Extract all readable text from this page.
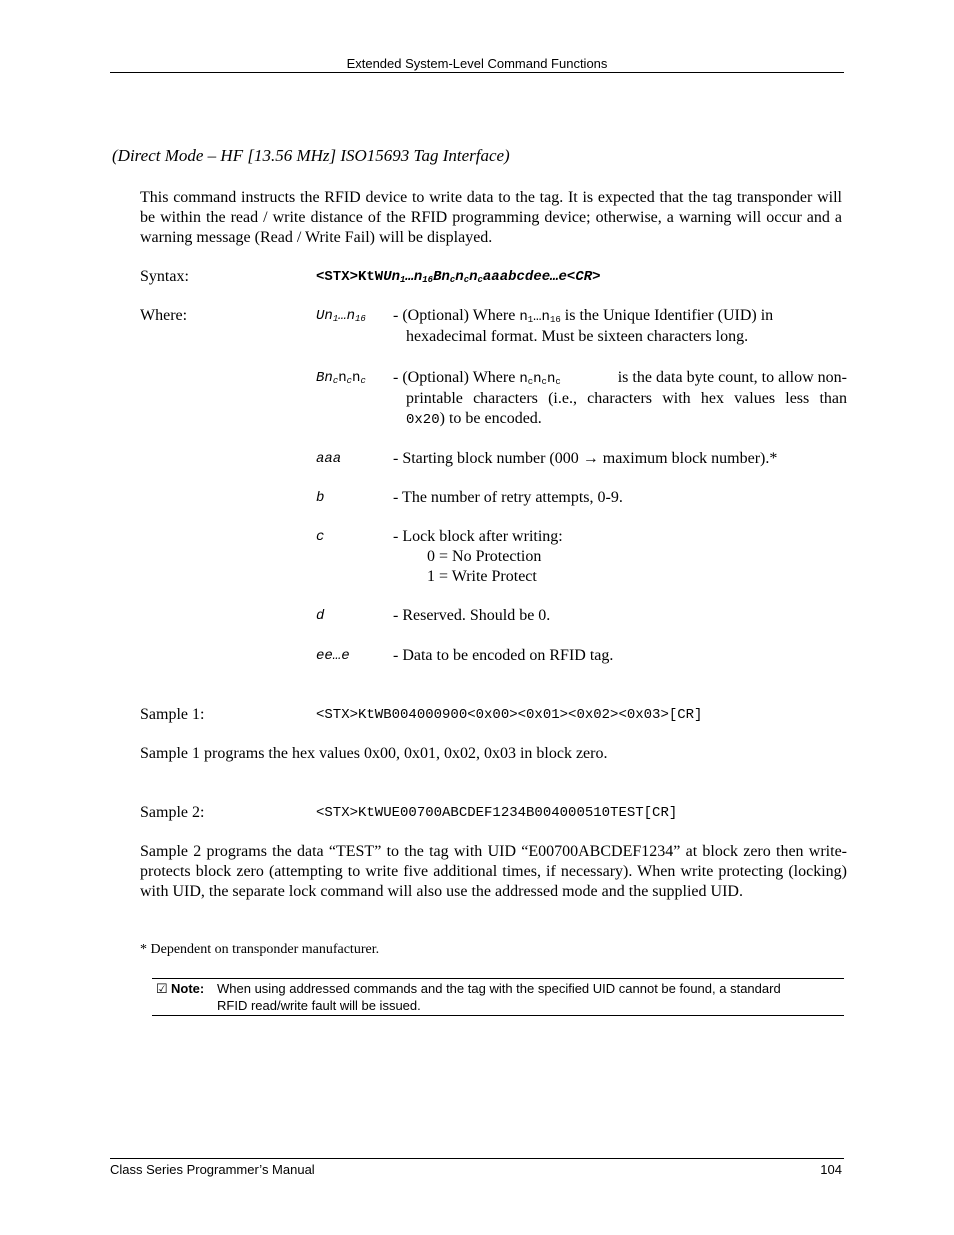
Extended System-Level Command Functions
(Direct Mode – HF [13.56 MHz] ISO15693 Tag Interface)
This command instructs the RFID device to write data to the tag. It is expected that the tag transponder will be within the read / write distance of the RFID programming device; otherwise, a warning will occur and a warning message (Read / Write Fail) will be displayed.
Syntax:	$<STX>KtWUn_1\dots n_{16}Bn_cn_cn_caaabcdee\dots e<CR>$
Where:	$Un_1\dots n_{16}$ - (Optional) Where $n_1\dots n_{16}$ is the Unique Identifier (UID) in
hexadecimal format. Must be sixteen characters long.
$Bn_cn_cn_c$ - (Optional) Where $n_cn_cn_c$	is the data byte count, to allow non-
printable characters (i.e., characters with hex values less than
0x20) to be encoded.
aaa	- Starting block number (000 → maximum block number).*
b	- The number of retry attempts, 0-9.
c	- Lock block after writing:
0 = No Protection
1 = Write Protect
d	- Reserved. Should be 0.
ee…e	- Data to be encoded on RFID tag.
Sample 1:	<STX>KtWB004000900<0x00><0x01><0x02><0x03>[CR]
Sample 1 programs the hex values 0x00, 0x01, 0x02, 0x03 in block zero.
Sample 2:	<STX>KtWUE00700ABCDEF1234B004000510TEST[CR]
Sample 2 programs the data “TEST” to the tag with UID “E00700ABCDEF1234” at block zero then write-protects block zero (attempting to write five additional times, if necessary). When write protecting (locking) with UID, the separate lock command will also use the addressed mode and the supplied UID.
* Dependent on transponder manufacturer.
☑ Note: When using addressed commands and the tag with the specified UID cannot be found, a standard
RFID read/write fault will be issued.
Class Series Programmer’s Manual	104
